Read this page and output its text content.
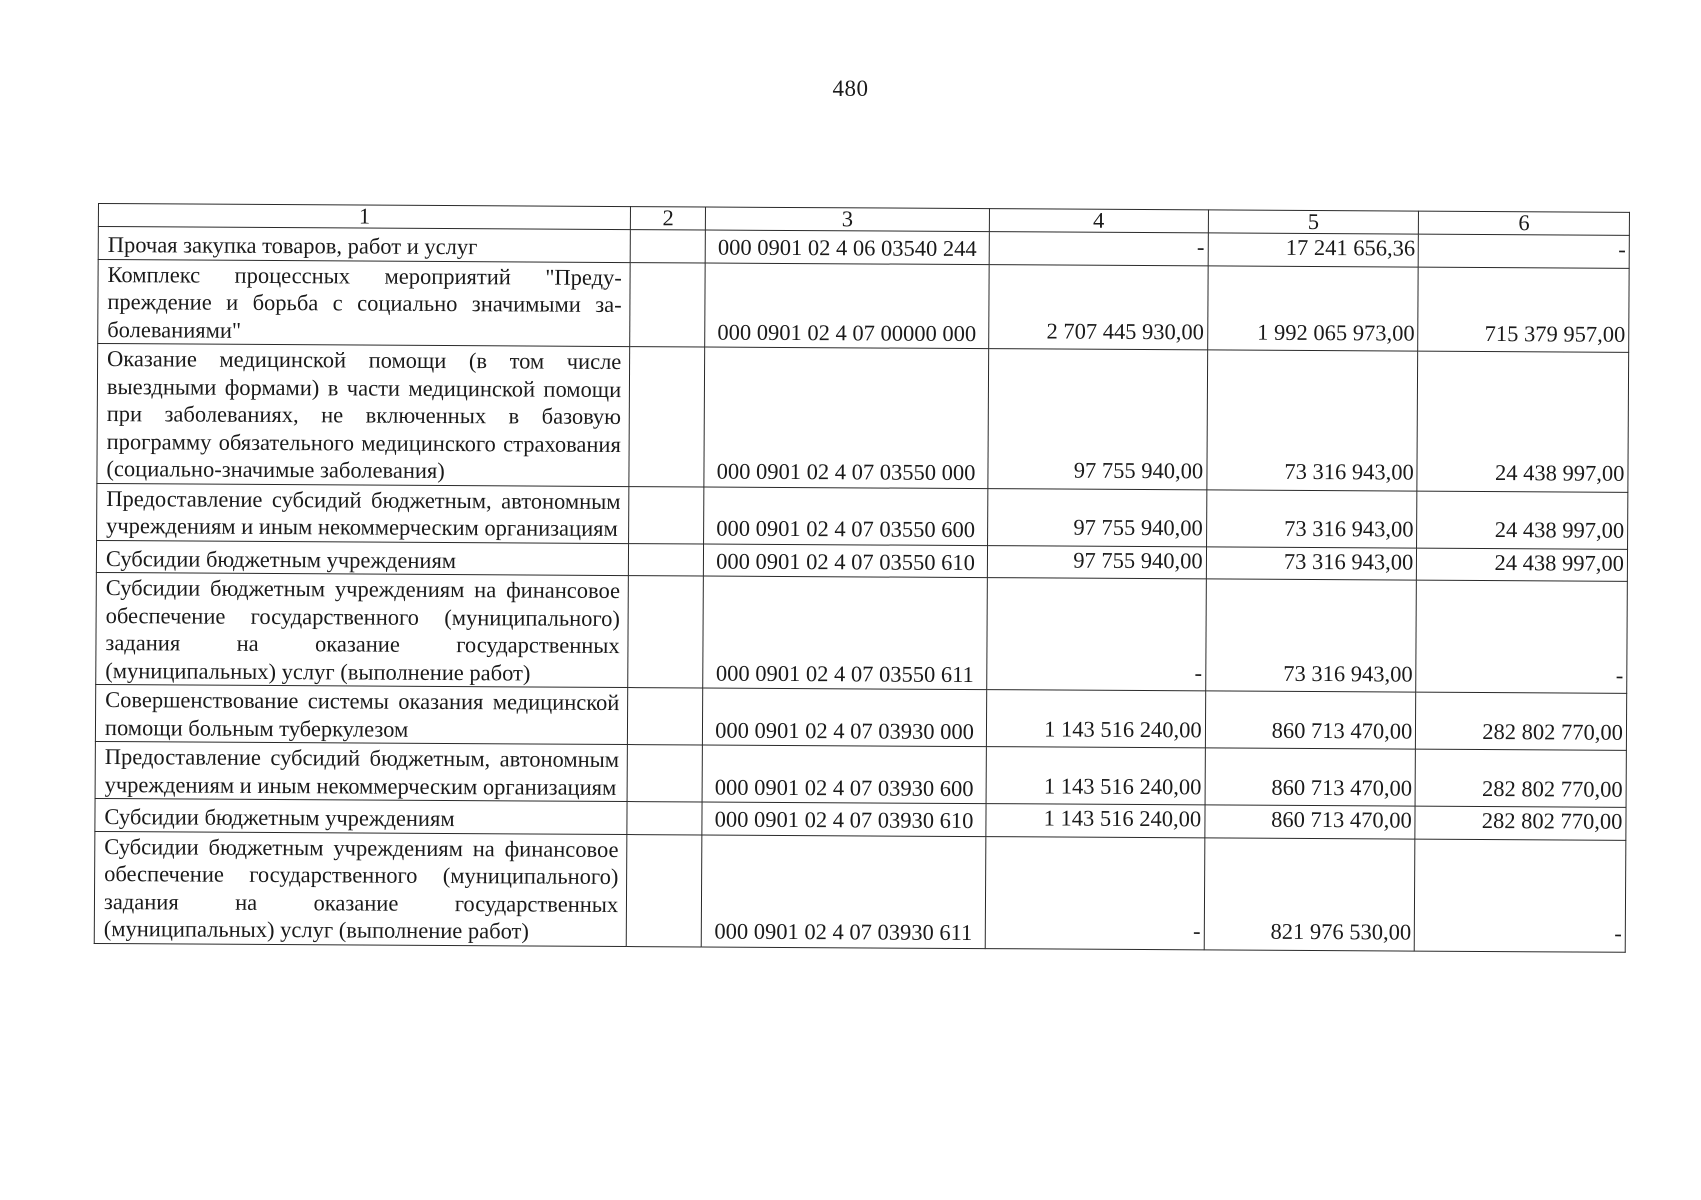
480
1	2	3	4	5	6
Прочая закупка товаров, работ и услуг		000 0901 02 4 06 03540 244	-	17 241 656,36	-
Комплекс процессных мероприятий "Предупреждение и борьба с социально значимыми заболеваниями"		000 0901 02 4 07 00000 000	2 707 445 930,00	1 992 065 973,00	715 379 957,00
Оказание медицинской помощи (в том числе выездными формами) в части медицинской помощи при заболеваниях, не включенных в базовую программу обязательного медицинского страхования (социально-значимые заболевания)		000 0901 02 4 07 03550 000	97 755 940,00	73 316 943,00	24 438 997,00
Предоставление субсидий бюджетным, автономным учреждениям и иным некоммерческим организациям		000 0901 02 4 07 03550 600	97 755 940,00	73 316 943,00	24 438 997,00
Субсидии бюджетным учреждениям		000 0901 02 4 07 03550 610	97 755 940,00	73 316 943,00	24 438 997,00
Субсидии бюджетным учреждениям на финансовое обеспечение государственного (муниципального) задания на оказание государственных (муниципальных) услуг (выполнение работ)		000 0901 02 4 07 03550 611	-	73 316 943,00	-
Совершенствование системы оказания медицинской помощи больным туберкулезом		000 0901 02 4 07 03930 000	1 143 516 240,00	860 713 470,00	282 802 770,00
Предоставление субсидий бюджетным, автономным учреждениям и иным некоммерческим организациям		000 0901 02 4 07 03930 600	1 143 516 240,00	860 713 470,00	282 802 770,00
Субсидии бюджетным учреждениям		000 0901 02 4 07 03930 610	1 143 516 240,00	860 713 470,00	282 802 770,00
Субсидии бюджетным учреждениям на финансовое обеспечение государственного (муниципального) задания на оказание государственных (муниципальных) услуг (выполнение работ)		000 0901 02 4 07 03930 611	-	821 976 530,00	-
